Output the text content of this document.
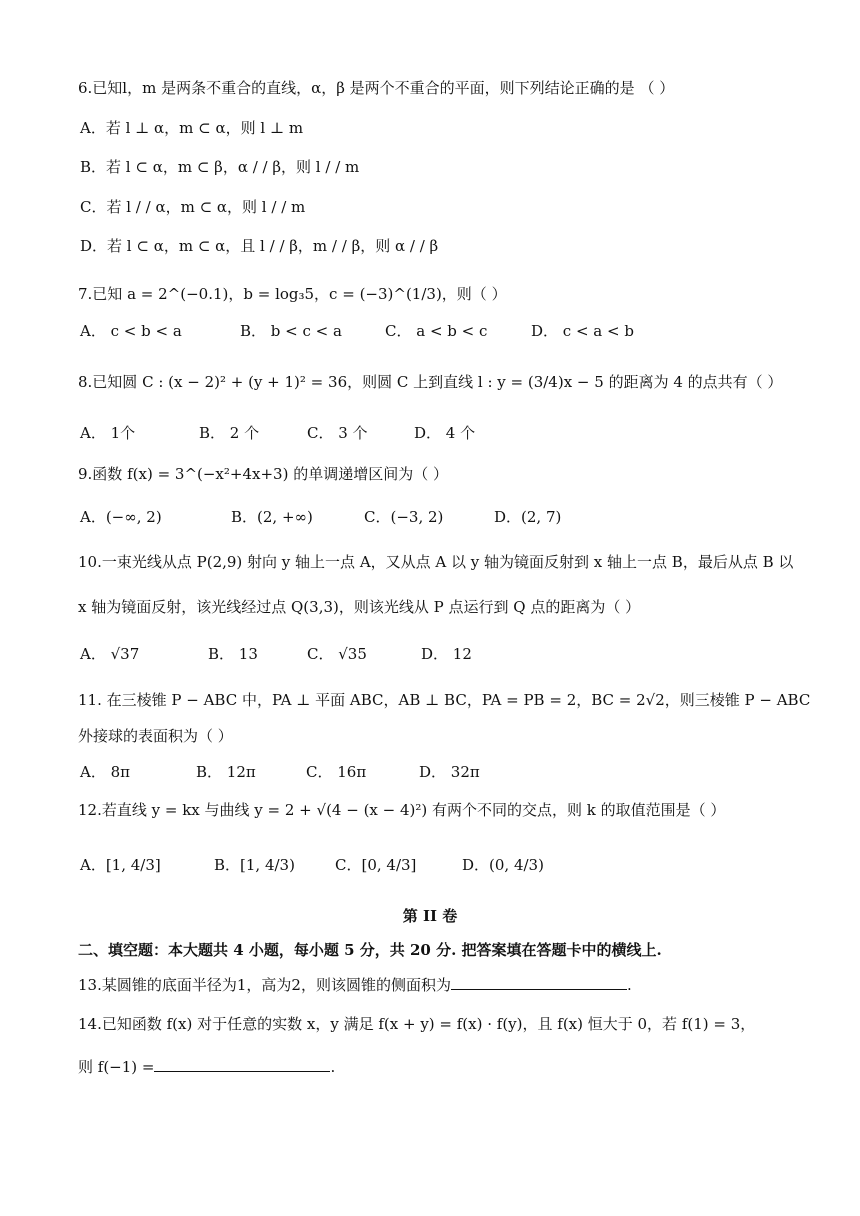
6.已知l，m 是两条不重合的直线，α，β 是两个不重合的平面，则下列结论正确的是 （ ）
A．若 l ⊥ α，m ⊂ α，则 l ⊥ m
B．若 l ⊂ α，m ⊂ β，α / / β，则 l / / m
C．若 l / / α，m ⊂ α，则 l / / m
D．若 l ⊂ α，m ⊂ α，且 l / / β，m / / β，则 α / / β
7.已知 a = 2^(−0.1)，b = log₃5，c = (−3)^(1/3)，则（ ）
A． c < b < a	B． b < c < a	C． a < b < c	D． c < a < b
8.已知圆 C : (x − 2)² + (y + 1)² = 36，则圆 C 上到直线 l : y = (3/4)x − 5 的距离为 4 的点共有（ ）
A． 1个	B． 2 个	C． 3 个	D． 4 个
9.函数 f(x) = 3^(−x²+4x+3) 的单调递增区间为（ ）
A．(−∞, 2)	B．(2, +∞)	C．(−3, 2)	D．(2, 7)
10.一束光线从点 P(2,9) 射向 y 轴上一点 A，又从点 A 以 y 轴为镜面反射到 x 轴上一点 B，最后从点 B 以
x 轴为镜面反射，该光线经过点 Q(3,3)，则该光线从 P 点运行到 Q 点的距离为（ ）
A． √37	B． 13	C． √35	D． 12
11. 在三棱锥 P − ABC 中，PA ⊥ 平面 ABC，AB ⊥ BC，PA = PB = 2，BC = 2√2，则三棱锥 P − ABC
外接球的表面积为（ ）
A． 8π	B． 12π	C． 16π	D． 32π
12.若直线 y = kx 与曲线 y = 2 + √(4 − (x − 4)²) 有两个不同的交点，则 k 的取值范围是（ ）
A．[1, 4/3]	B．[1, 4/3)	C．[0, 4/3]	D．(0, 4/3)
第 II 卷
二、填空题：本大题共 4 小题，每小题 5 分，共 20 分. 把答案填在答题卡中的横线上.
13.某圆锥的底面半径为1，高为2，则该圆锥的侧面积为	.
14.已知函数 f(x) 对于任意的实数 x，y 满足 f(x + y) = f(x) · f(y)，且 f(x) 恒大于 0，若 f(1) = 3，
则 f(−1) =	.
